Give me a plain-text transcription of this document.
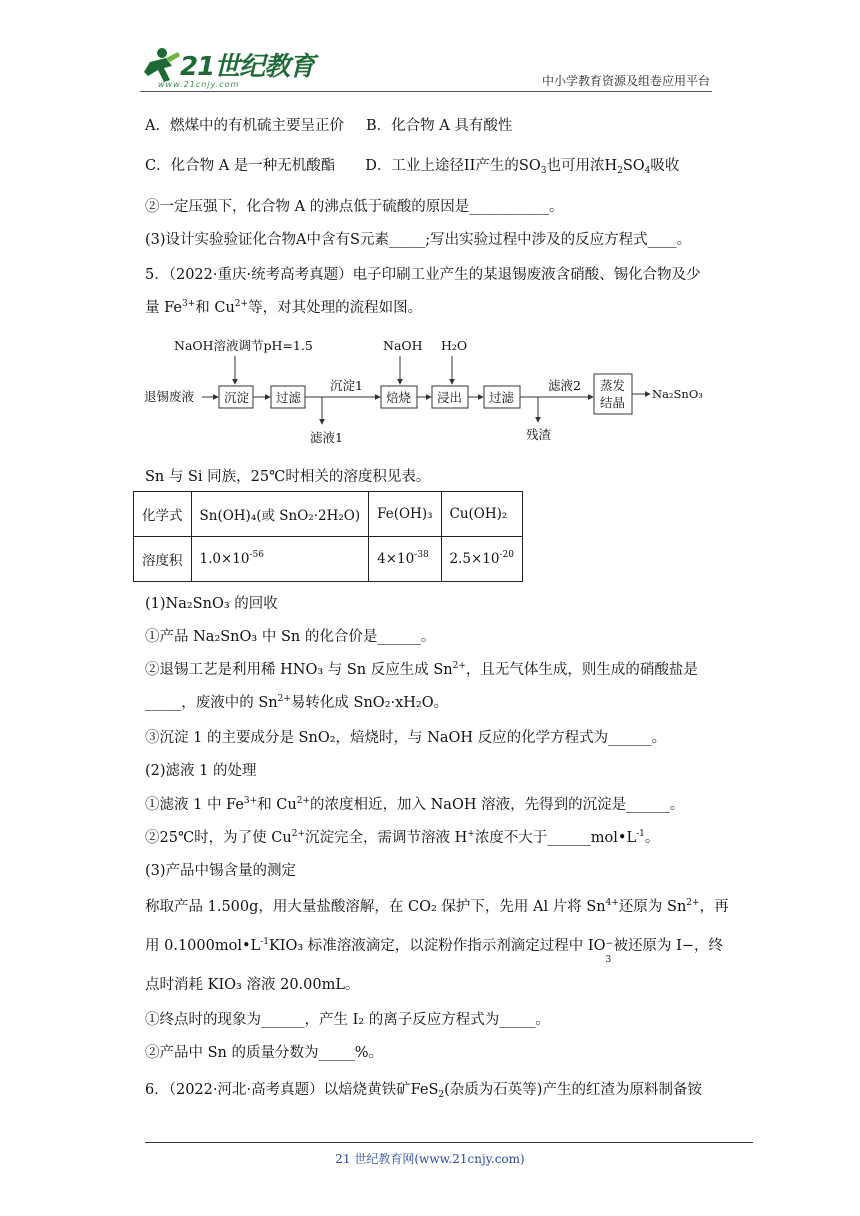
21世纪教育
www.21cnjy.com	中小学教育资源及组卷应用平台
A．燃煤中的有机硫主要呈正价 B．化合物 A 具有酸性
C．化合物 A 是一种无机酸酯 D．工业上途径II产生的$SO_3$也可用浓$H_2SO_4$吸收
②一定压强下，化合物 A 的沸点低于硫酸的原因是___________。
(3)设计实验验证化合物A中含有S元素_____;写出实验过程中涉及的反应方程式____。
5．（2022·重庆·统考高考真题）电子印刷工业产生的某退锡废液含硝酸、锡化合物及少
量 $Fe^{3+}$和 $Cu^{2+}$等，对其处理的流程如图。
NaOH溶液调节pH=1.5	NaOH H₂O
退锡废液 沉淀 过滤
沉淀1
滤液1
焙烧 浸出 过滤
滤液2
残渣
蒸发
结晶
Na₂SnO₃
Sn 与 Si 同族，25℃时相关的溶度积见表。
化学式	Sn(OH)₄(或 SnO₂·2H₂O)	Fe(OH)₃	Cu(OH)₂
溶度积	$1.0\times 10^{-56}$	$4\times 10^{-38}$	$2.5\times 10^{-20}$
(1)Na₂SnO₃ 的回收
①产品 Na₂SnO₃ 中 Sn 的化合价是______。
②退锡工艺是利用稀 HNO₃ 与 Sn 反应生成 $Sn^{2+}$，且无气体生成，则生成的硝酸盐是
_____，废液中的 $Sn^{2+}$易转化成 SnO₂·xH₂O。
③沉淀 1 的主要成分是 SnO₂，焙烧时，与 NaOH 反应的化学方程式为______。
(2)滤液 1 的处理
①滤液 1 中 $Fe^{3+}$和 $Cu^{2+}$的浓度相近，加入 NaOH 溶液，先得到的沉淀是______。
②25℃时，为了使 $Cu^{2+}$沉淀完全，需调节溶液 H+浓度不大于$\_\_\_\_\_\_mol•L^{-1}$。
(3)产品中锡含量的测定
称取产品 1.500g，用大量盐酸溶解，在 CO₂ 保护下，先用 Al 片将 $Sn^{4+}$还原为 $Sn^{2+}$，再
用 $0.1000mol•L^{-1}KIO_3$ 标准溶液滴定，以淀粉作指示剂滴定过程中 IO −
3
被还原为 I−，终
点时消耗 KIO₃ 溶液 20.00mL。
①终点时的现象为______，产生 I₂ 的离子反应方程式为_____。
②产品中 Sn 的质量分数为_____%。
6．（2022·河北·高考真题）以焙烧黄铁矿FeS$_2$(杂质为石英等)产生的红渣为原料制备铵
21 世纪教育网(www.21cnjy.com)
